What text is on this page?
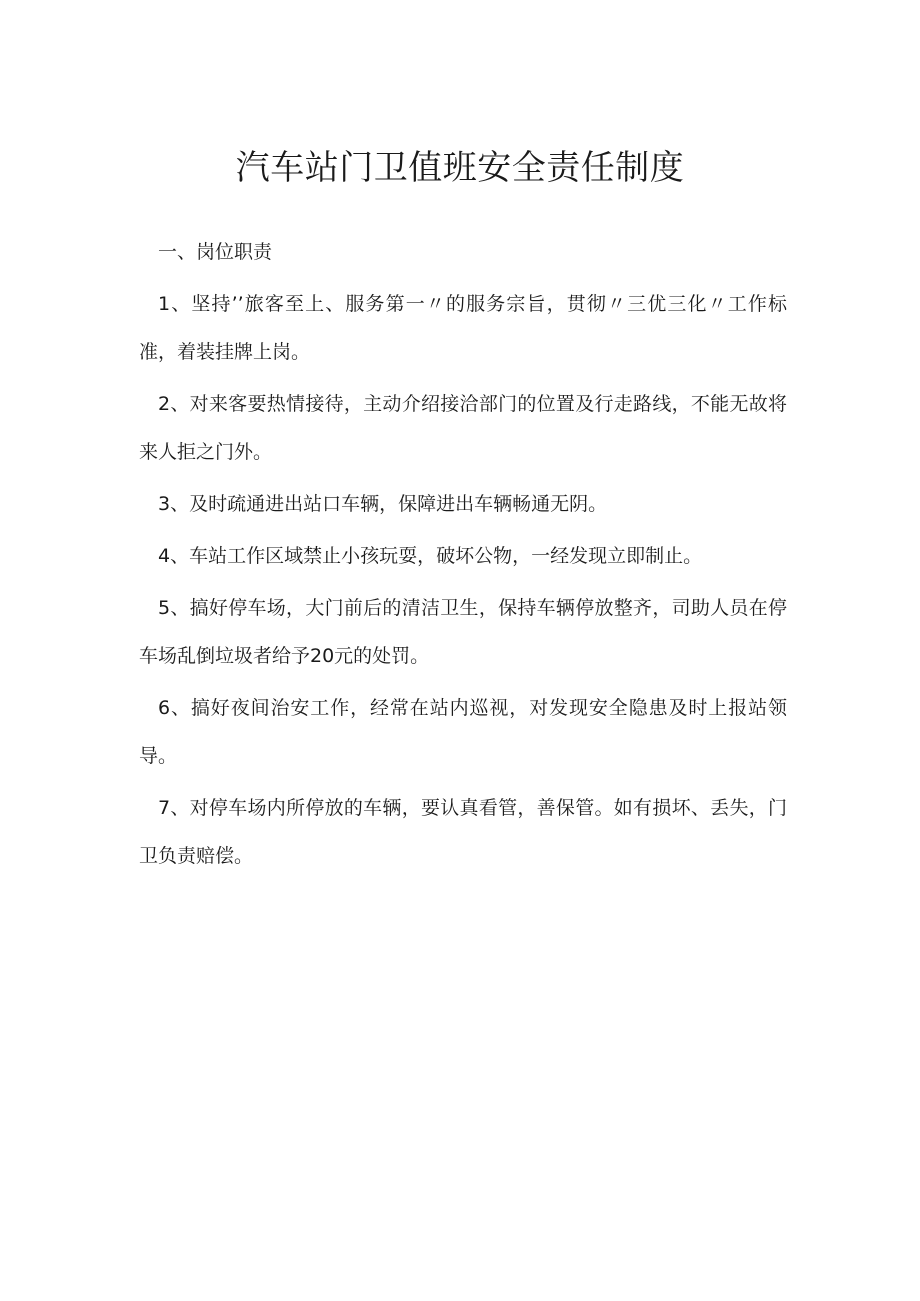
汽车站门卫值班安全责任制度

一、岗位职责

1、坚持’’旅客至上、服务第一〃的服务宗旨，贯彻〃三优三化〃工作标准，着装挂牌上岗。

2、对来客要热情接待，主动介绍接洽部门的位置及行走路线，不能无故将来人拒之门外。

3、及时疏通进出站口车辆，保障进出车辆畅通无阴。

4、车站工作区域禁止小孩玩耍，破坏公物，一经发现立即制止。

5、搞好停车场，大门前后的清洁卫生，保持车辆停放整齐，司助人员在停车场乱倒垃圾者给予20元的处罚。

6、搞好夜间治安工作，经常在站内巡视，对发现安全隐患及时上报站领导。

7、对停车场内所停放的车辆，要认真看管，善保管。如有损坏、丢失，门卫负责赔偿。
